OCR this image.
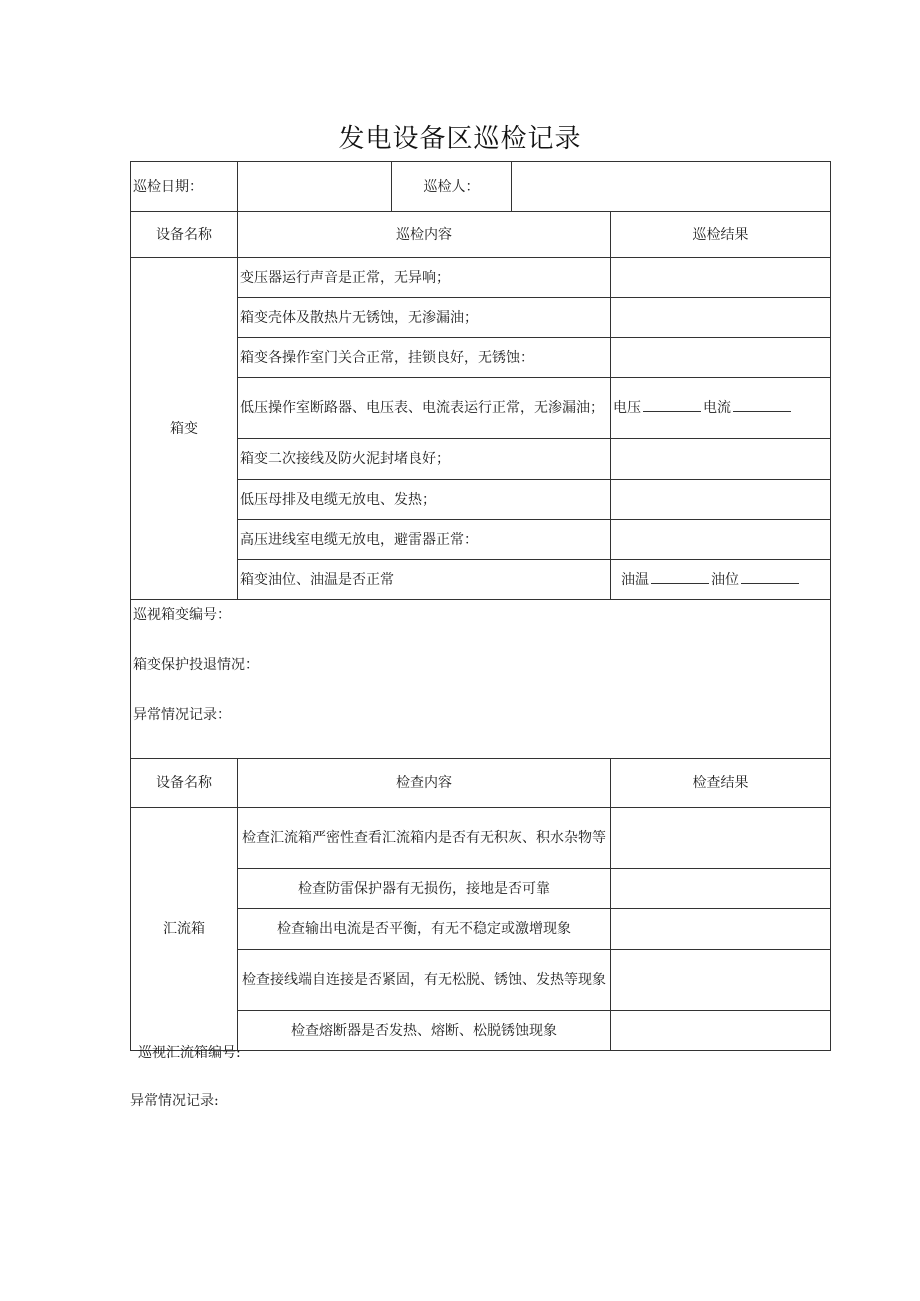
发电设备区巡检记录
巡检日期：		巡检人：		
设备名称	巡检内容			巡检结果
箱变	变压器运行声音是正常，无异响；			
	箱变壳体及散热片无锈蚀，无渗漏油；			
	箱变各操作室门关合正常，挂锁良好，无锈蚀：			
	低压操作室断路器、电压表、电流表运行正常，无渗漏油；			电压 电流
	箱变二次接线及防火泥封堵良好；			
	低压母排及电缆无放电、发热；			
	高压进线室电缆无放电，避雷器正常：			
	箱变油位、油温是否正常			油温 油位

巡视箱变编号：
箱变保护投退情况：
异常情况记录：				

设备名称	检查内容			检查结果
汇流箱	检查汇流箱严密性查看汇流箱内是否有无积灰、积水杂物等			
	检查防雷保护器有无损伤，接地是否可靠			
	检查输出电流是否平衡，有无不稳定或激增现象			
	检查接线端自连接是否紧固，有无松脱、锈蚀、发热等现象			
	检查熔断器是否发热、熔断、松脱锈蚀现象			
巡视汇流箱编号:
异常情况记录:
